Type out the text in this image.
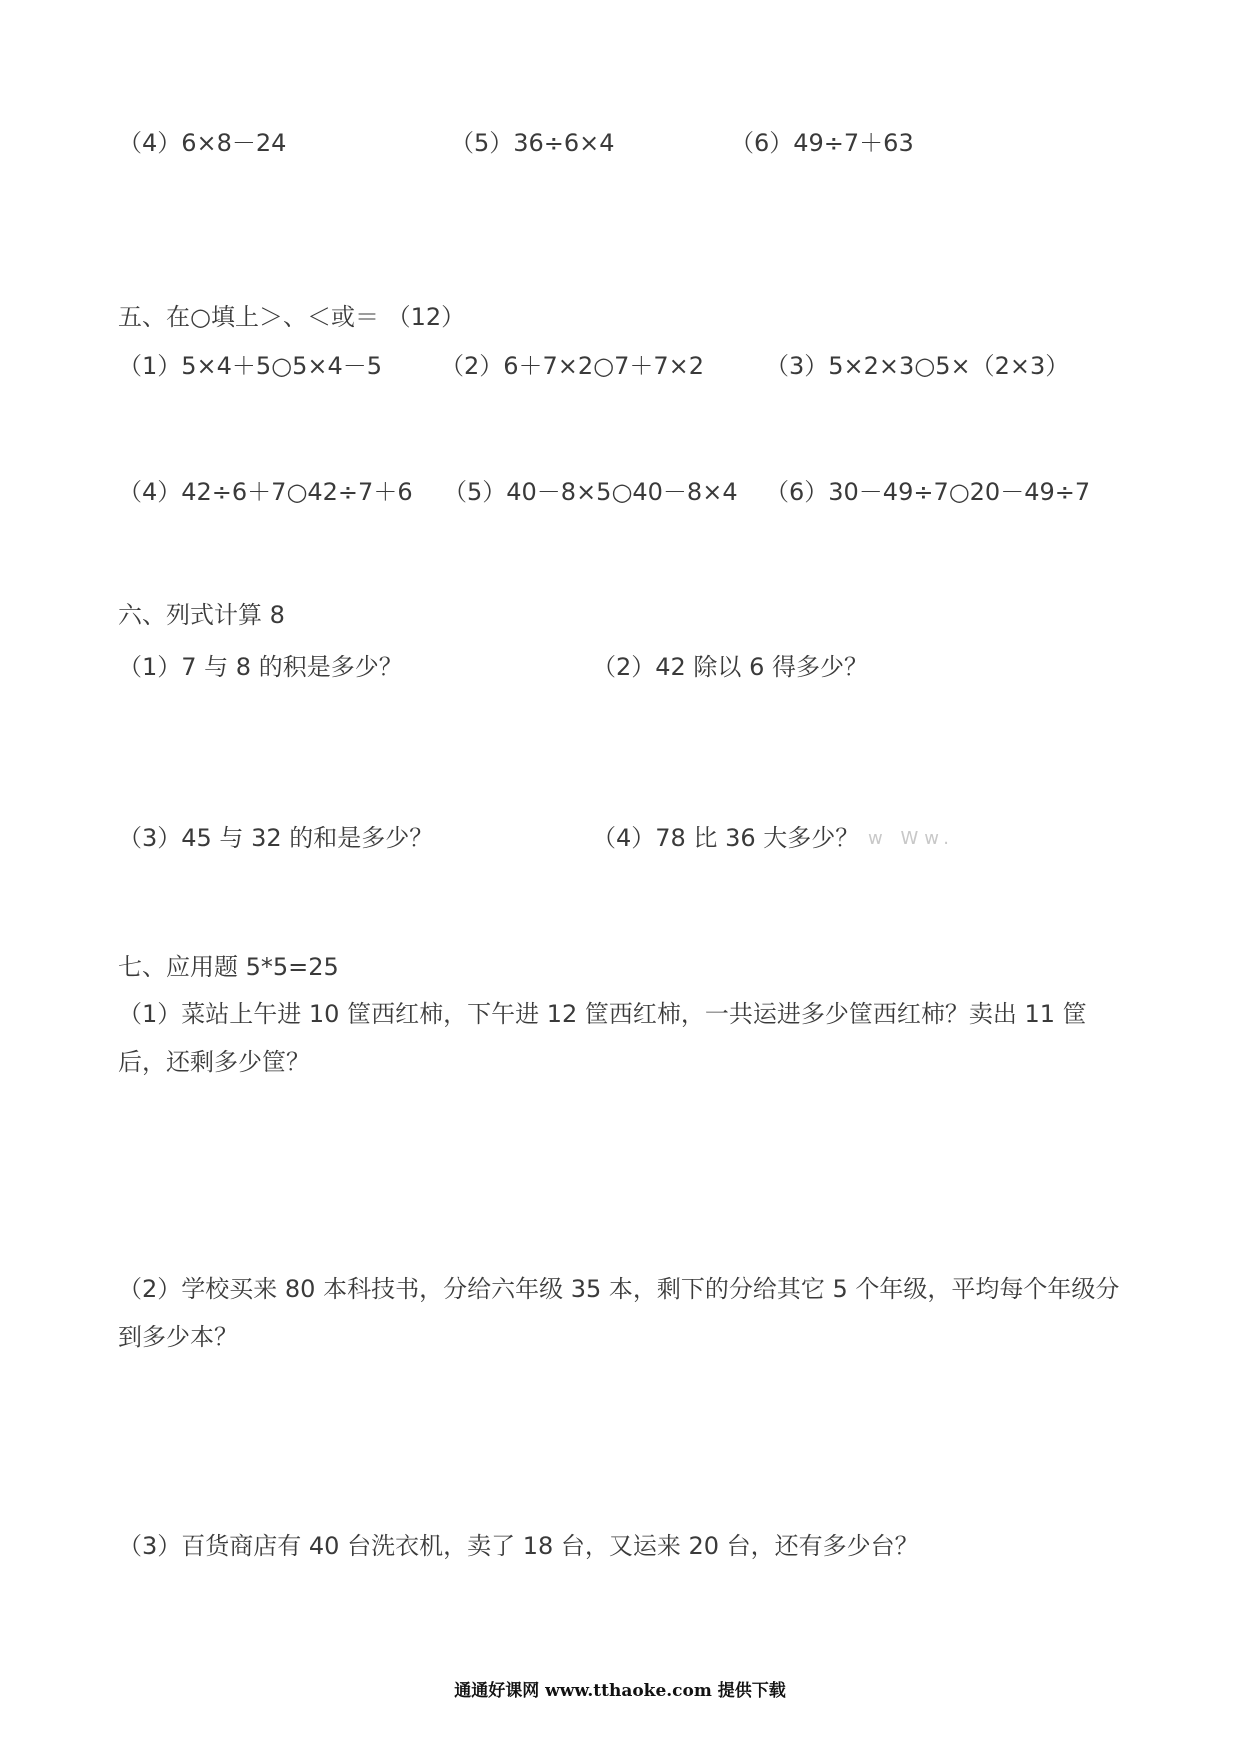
（4）6×8－24	（5）36÷6×4	（6）49÷7＋63
五、在○填上＞、＜或＝ （12）
（1）5×4＋5○5×4－5 （2）6＋7×2○7＋7×2	（3）5×2×3○5×（2×3）
（4）42÷6＋7○42÷7＋6 （5）40－8×5○40－8×4 （6）30－49÷7○20－49÷7
六、列式计算 8
（1）7 与 8 的积是多少？	（2）42 除以 6 得多少？
（3）45 与 32 的和是多少？	（4）78 比 36 大多少？ w Ww.
七、应用题 5*5=25
（1）菜站上午进 10 筐西红柿，下午进 12 筐西红柿，一共运进多少筐西红柿？卖出 11 筐后，还剩多少筐？
（2）学校买来 80 本科技书，分给六年级 35 本，剩下的分给其它 5 个年级，平均每个年级分到多少本？
（3）百货商店有 40 台洗衣机，卖了 18 台，又运来 20 台，还有多少台？
通通好课网 www.tthaoke.com 提供下载
